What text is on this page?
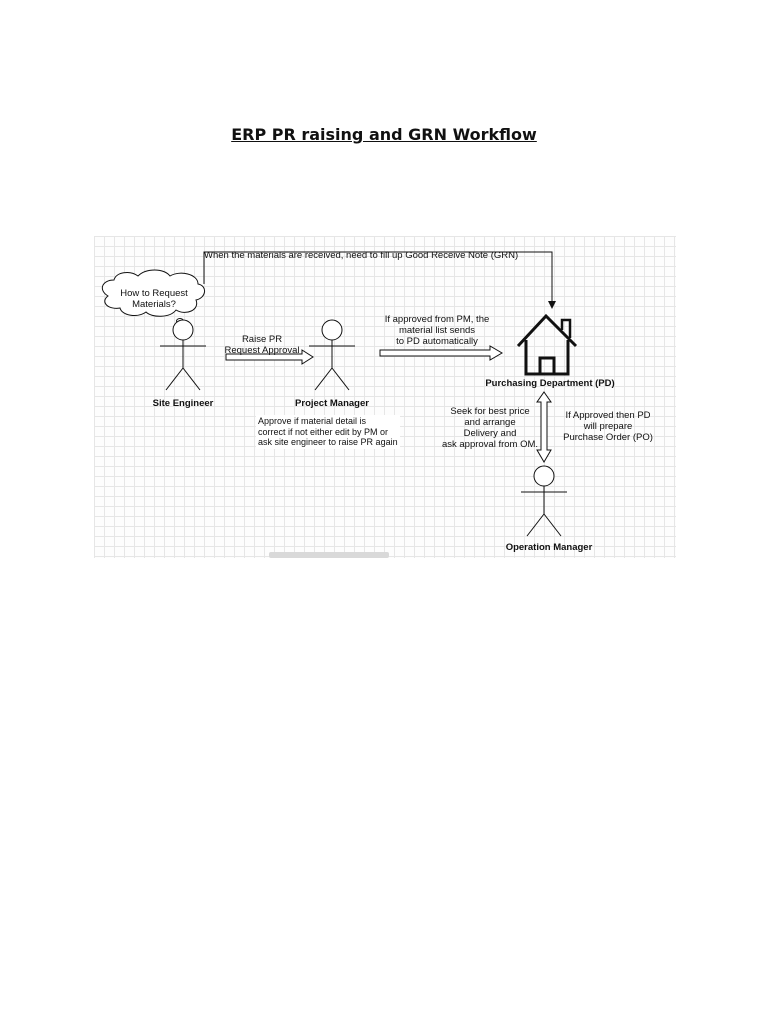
ERP PR raising and GRN Workflow
When the materials are received, need to fill up Good Receive Note (GRN)
How to Request
Materials?
Raise PR
Request Approval
If approved from PM, the
material list sends
to PD automatically
Site Engineer	Project Manager
Purchasing Department (PD)
Operation Manager
Approve if material detail is
correct if not either edit by PM or
ask site engineer to raise PR again
Seek for best price
and arrange
Delivery and
ask approval from OM.
If Approved then PD
will prepare
Purchase Order (PO)
